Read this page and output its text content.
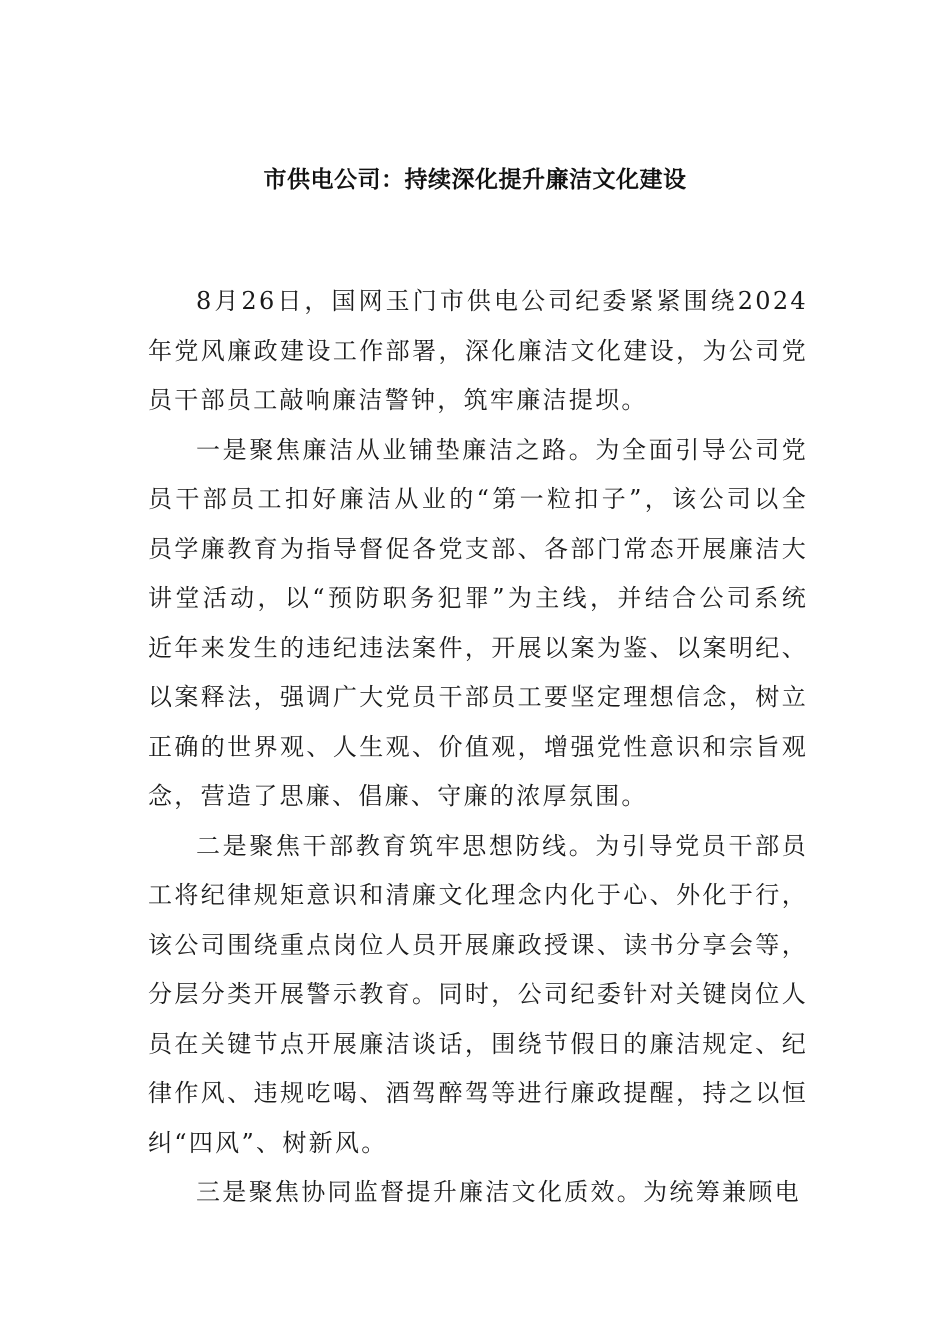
市供电公司：持续深化提升廉洁文化建设

8月26日，国网玉门市供电公司纪委紧紧围绕2024年党风廉政建设工作部署，深化廉洁文化建设，为公司党员干部员工敲响廉洁警钟，筑牢廉洁提坝。

一是聚焦廉洁从业铺垫廉洁之路。为全面引导公司党员干部员工扣好廉洁从业的“第一粒扣子”，该公司以全员学廉教育为指导督促各党支部、各部门常态开展廉洁大讲堂活动，以“预防职务犯罪”为主线，并结合公司系统近年来发生的违纪违法案件，开展以案为鉴、以案明纪、以案释法，强调广大党员干部员工要坚定理想信念，树立正确的世界观、人生观、价值观，增强党性意识和宗旨观念，营造了思廉、倡廉、守廉的浓厚氛围。

二是聚焦干部教育筑牢思想防线。为引导党员干部员工将纪律规矩意识和清廉文化理念内化于心、外化于行，该公司围绕重点岗位人员开展廉政授课、读书分享会等，分层分类开展警示教育。同时，公司纪委针对关键岗位人员在关键节点开展廉洁谈话，围绕节假日的廉洁规定、纪律作风、违规吃喝、酒驾醉驾等进行廉政提醒，持之以恒纠“四风”、树新风。

三是聚焦协同监督提升廉洁文化质效。为统筹兼顾电
